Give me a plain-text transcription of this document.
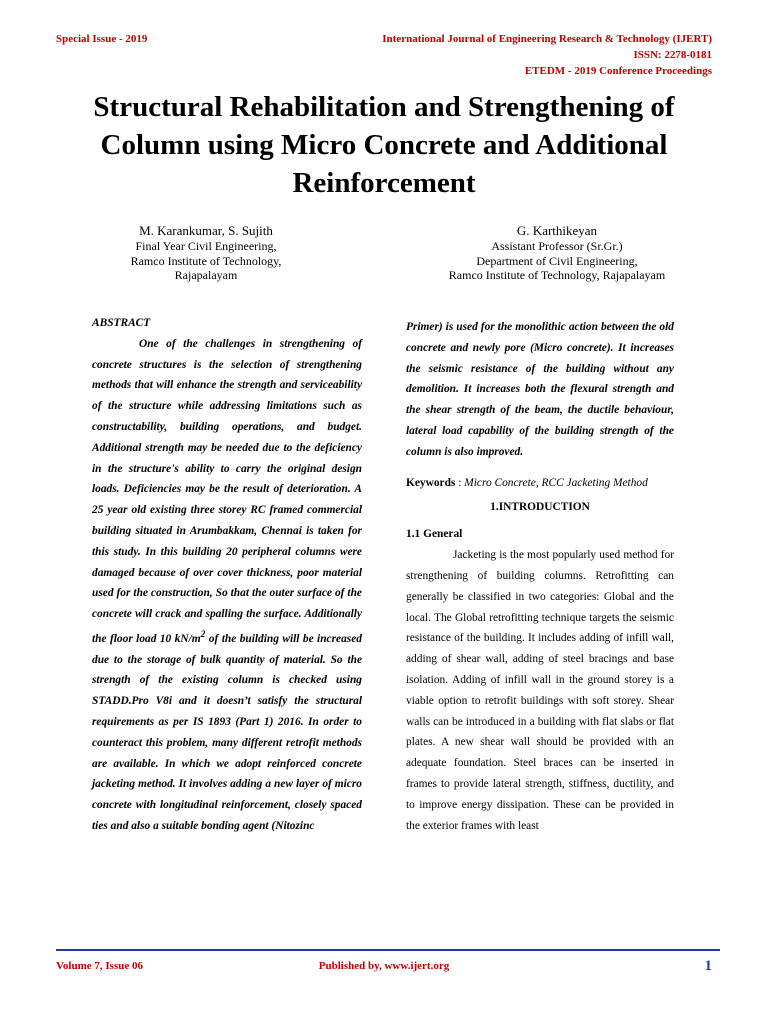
Special Issue - 2019	International Journal of Engineering Research & Technology (IJERT)
ISSN: 2278-0181
ETEDM - 2019 Conference Proceedings
Structural Rehabilitation and Strengthening of Column using Micro Concrete and Additional Reinforcement
M. Karankumar, S. Sujith
Final Year Civil Engineering,
Ramco Institute of Technology,
Rajapalayam
G. Karthikeyan
Assistant Professor (Sr.Gr.)
Department of Civil Engineering,
Ramco Institute of Technology, Rajapalayam

ABSTRACT

One of the challenges in strengthening of concrete structures is the selection of strengthening methods that will enhance the strength and serviceability of the structure while addressing limitations such as constructability, building operations, and budget. Additional strength may be needed due to the deficiency in the structure's ability to carry the original design loads. Deficiencies may be the result of deterioration. A 25 year old existing three storey RC framed commercial building situated in Arumbakkam, Chennai is taken for this study. In this building 20 peripheral columns were damaged because of over cover thickness, poor material used for the construction, So that the outer surface of the concrete will crack and spalling the surface. Additionally the floor load 10 $kN/m^2$ of the building will be increased due to the storage of bulk quantity of material. So the strength of the existing column is checked using STADD.Pro V8i and it doesn’t satisfy the structural requirements as per IS 1893 (Part 1) 2016. In order to counteract this problem, many different retrofit methods are available. In which we adopt reinforced concrete jacketing method. It involves adding a new layer of micro concrete with longitudinal reinforcement, closely spaced ties and also a suitable bonding agent (Nitozinc

Primer) is used for the monolithic action between the old concrete and newly pore (Micro concrete). It increases the seismic resistance of the building without any demolition. It increases both the flexural strength and the shear strength of the beam, the ductile behaviour, lateral load capability of the building strength of the column is also improved.

Keywords : Micro Concrete, RCC Jacketing Method
1.INTRODUCTION
1.1 General

Jacketing is the most popularly used method for strengthening of building columns. Retrofitting can generally be classified in two categories: Global and the local. The Global retrofitting technique targets the seismic resistance of the building. It includes adding of infill wall, adding of shear wall, adding of steel bracings and base isolation. Adding of infill wall in the ground storey is a viable option to retrofit buildings with soft storey. Shear walls can be introduced in a building with flat slabs or flat plates. A new shear wall should be provided with an adequate foundation. Steel braces can be inserted in frames to provide lateral strength, stiffness, ductility, and to improve energy dissipation. These can be provided in the exterior frames with least

Volume 7, Issue 06	Published by, www.ijert.org	1
